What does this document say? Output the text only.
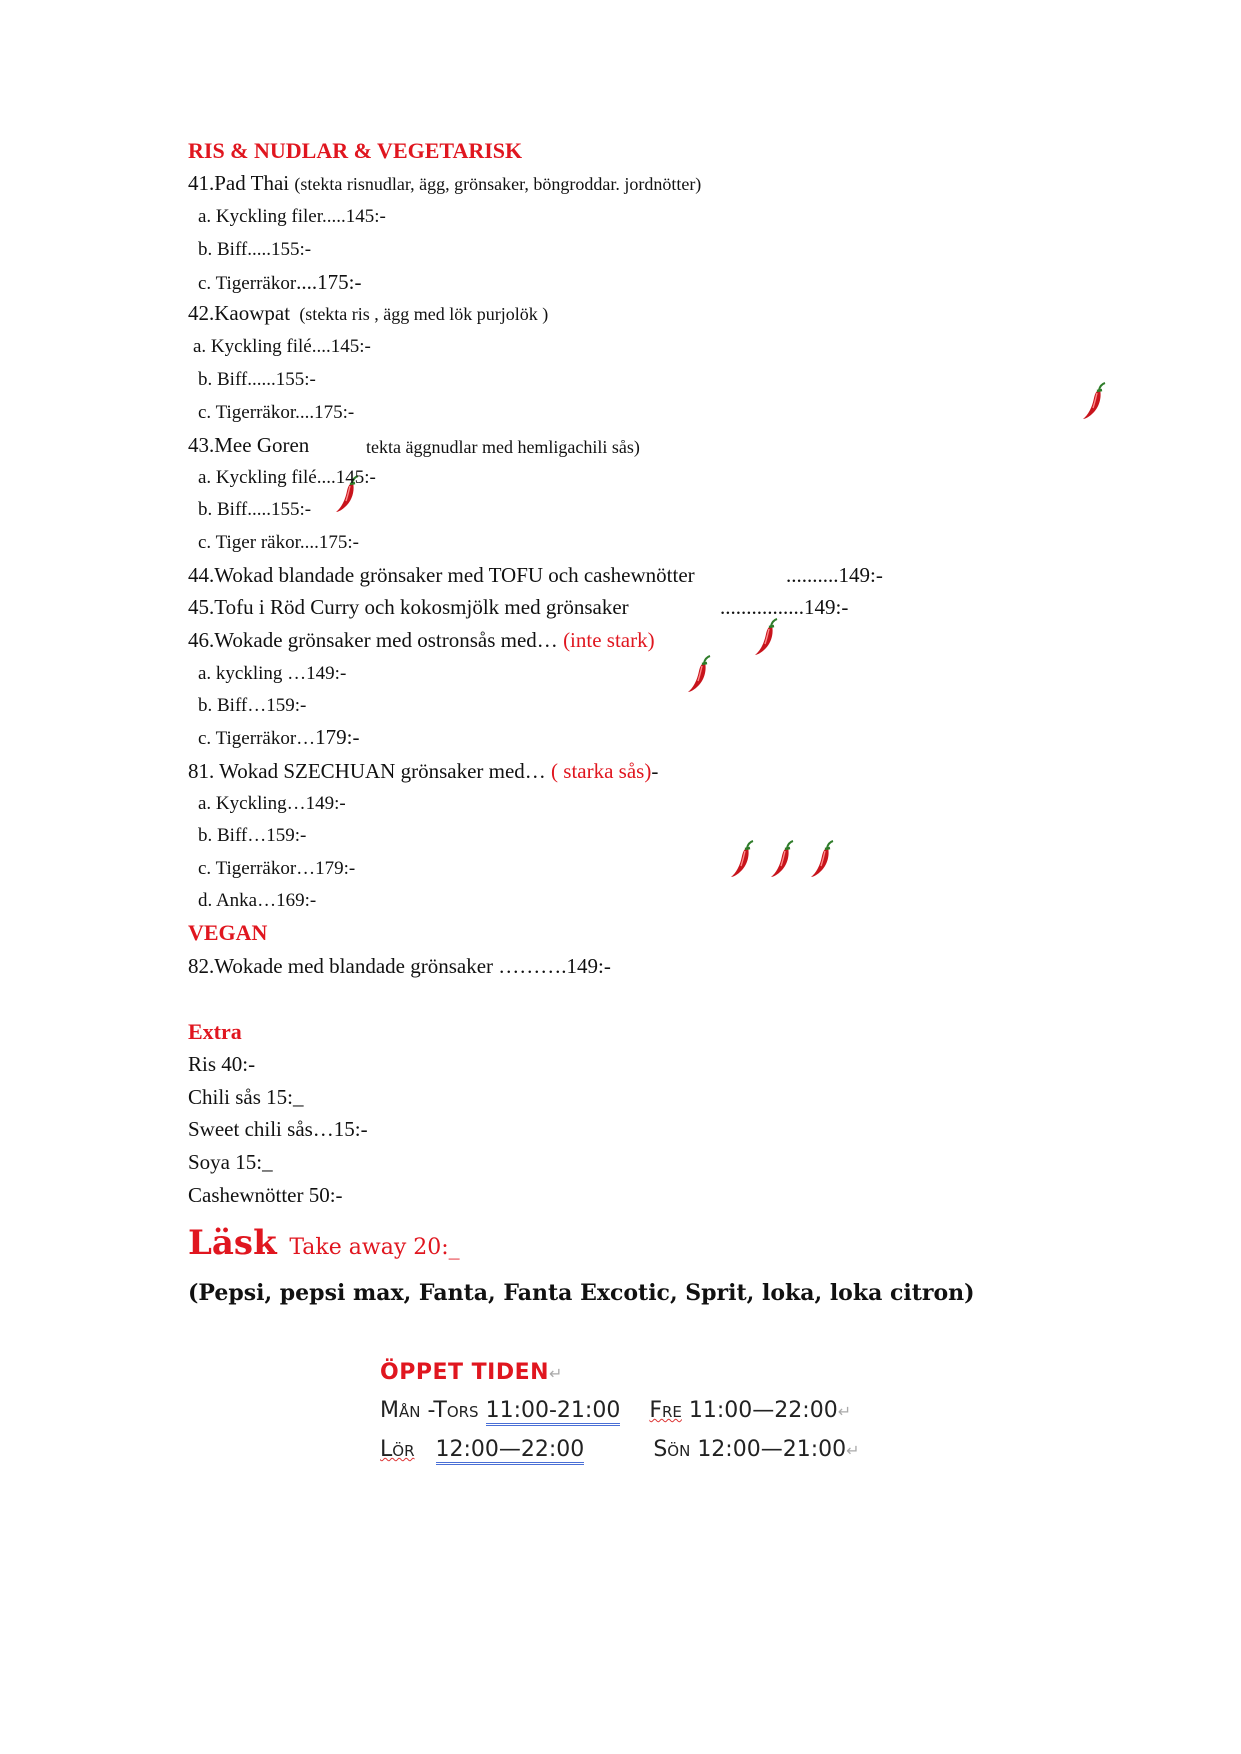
RIS & NUDLAR & VEGETARISK
41.Pad Thai (stekta risnudlar, ägg, grönsaker, böngroddar. jordnötter)
a. Kyckling filer.....145:-
b. Biff.....155:-
c. Tigerräkor....175:-
42.Kaowpat (stekta ris , ägg med lök purjolök )
a. Kyckling filé....145:-
b. Biff......155:-
c. Tigerräkor....175:-
43.Mee Goren	tekta äggnudlar med hemligachili sås)
a. Kyckling filé....145:-
b. Biff.....155:-
c. Tiger räkor....175:-
44.Wokad blandade grönsaker med TOFU och cashewnötter	..........149:-
45.Tofu i Röd Curry och kokosmjölk med grönsaker	................149:-
46.Wokade grönsaker med ostronsås med… (inte stark)
a. kyckling …149:-
b. Biff…159:-
c. Tigerräkor…179:-
81. Wokad SZECHUAN grönsaker med… ( starka sås)-
a. Kyckling…149:-
b. Biff…159:-
c. Tigerräkor…179:-
d. Anka…169:-
VEGAN
82.Wokade med blandade grönsaker ……….149:-
Extra
Ris 40:-
Chili sås 15:_
Sweet chili sås…15:-
Soya 15:_
Cashewnötter 50:-
Läsk Take away 20:_
(Pepsi, pepsi max, Fanta, Fanta Excotic, Sprit, loka, loka citron)
ÖPPET TIDEN↵
Mån -Tors 11:00-21:00 Fre 11:00—22:00↵
Lör 12:00—22:00	Sön 12:00—21:00↵
